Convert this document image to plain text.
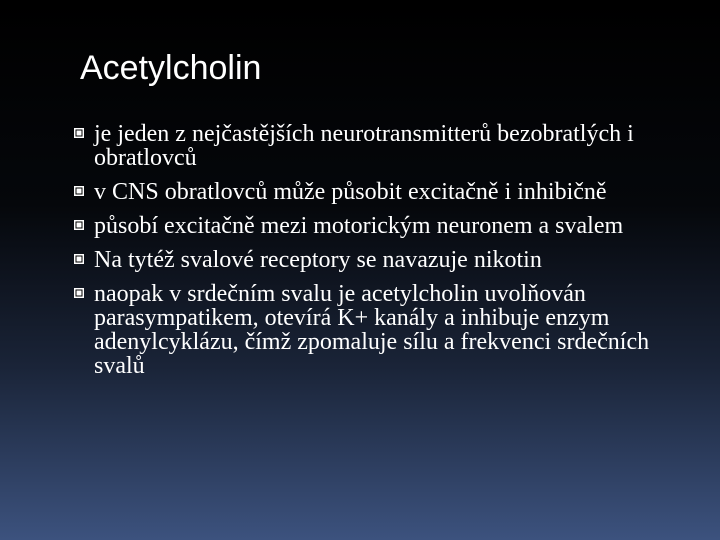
Acetylcholin
je jeden z nejčastějších neurotransmitterů bezobratlých i obratlovců
v CNS obratlovců může působit excitačně i inhibičně
působí excitačně mezi motorickým neuronem a svalem
Na tytéž svalové receptory se navazuje nikotin
naopak v srdečním svalu je acetylcholin uvolňován parasympatikem, otevírá K+ kanály a inhibuje enzym adenylcyklázu, čímž zpomaluje sílu a frekvenci srdečních svalů
